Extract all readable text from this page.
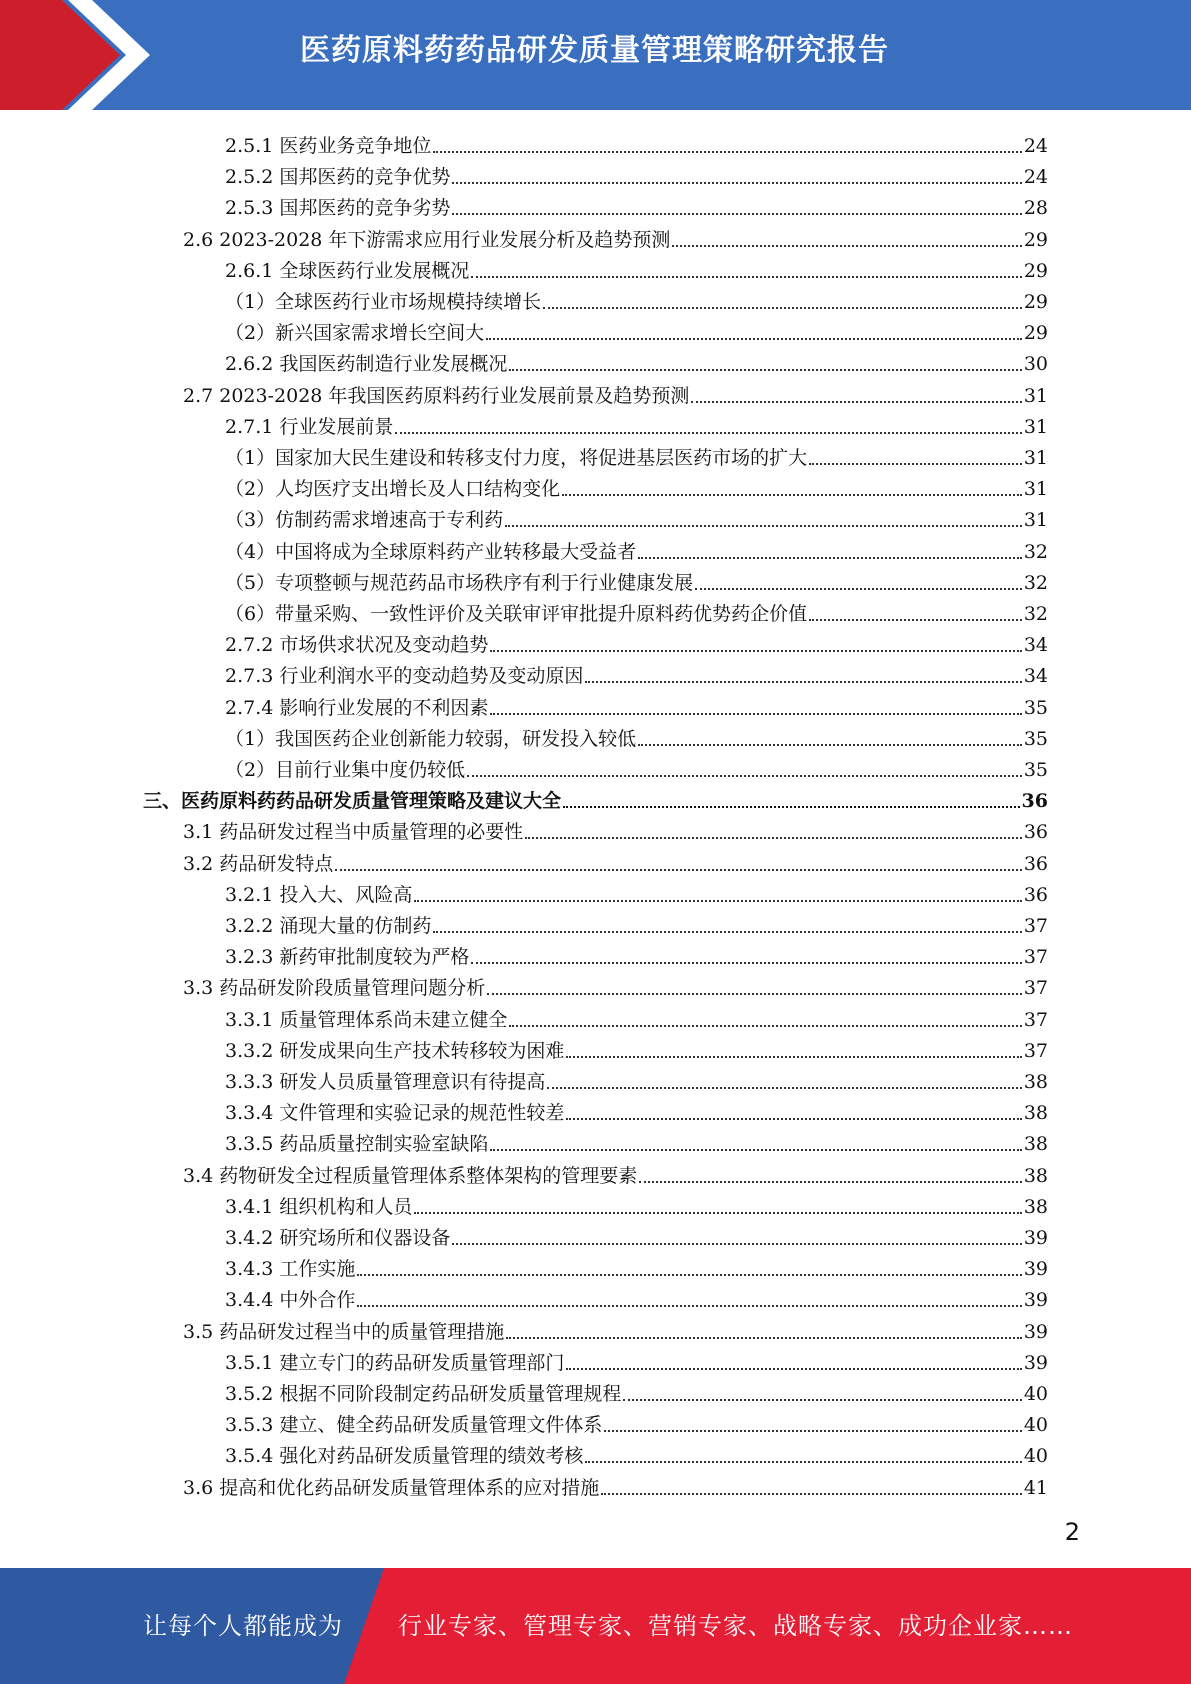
医药原料药药品研发质量管理策略研究报告
2.5.1 医药业务竞争地位	24
2.5.2 国邦医药的竞争优势	24
2.5.3 国邦医药的竞争劣势	28
2.6 2023-2028 年下游需求应用行业发展分析及趋势预测	29
2.6.1 全球医药行业发展概况	29
（1）全球医药行业市场规模持续增长	29
（2）新兴国家需求增长空间大	29
2.6.2 我国医药制造行业发展概况	30
2.7 2023-2028 年我国医药原料药行业发展前景及趋势预测	31
2.7.1 行业发展前景	31
（1）国家加大民生建设和转移支付力度，将促进基层医药市场的扩大	31
（2）人均医疗支出增长及人口结构变化	31
（3）仿制药需求增速高于专利药	31
（4）中国将成为全球原料药产业转移最大受益者	32
（5）专项整顿与规范药品市场秩序有利于行业健康发展	32
（6）带量采购、一致性评价及关联审评审批提升原料药优势药企价值	32
2.7.2 市场供求状况及变动趋势	34
2.7.3 行业利润水平的变动趋势及变动原因	34
2.7.4 影响行业发展的不利因素	35
（1）我国医药企业创新能力较弱，研发投入较低	35
（2）目前行业集中度仍较低	35
三、医药原料药药品研发质量管理策略及建议大全	36
3.1 药品研发过程当中质量管理的必要性	36
3.2 药品研发特点	36
3.2.1 投入大、风险高	36
3.2.2 涌现大量的仿制药	37
3.2.3 新药审批制度较为严格	37
3.3 药品研发阶段质量管理问题分析	37
3.3.1 质量管理体系尚未建立健全	37
3.3.2 研发成果向生产技术转移较为困难	37
3.3.3 研发人员质量管理意识有待提高	38
3.3.4 文件管理和实验记录的规范性较差	38
3.3.5 药品质量控制实验室缺陷	38
3.4 药物研发全过程质量管理体系整体架构的管理要素	38
3.4.1 组织机构和人员	38
3.4.2 研究场所和仪器设备	39
3.4.3 工作实施	39
3.4.4 中外合作	39
3.5 药品研发过程当中的质量管理措施	39
3.5.1 建立专门的药品研发质量管理部门	39
3.5.2 根据不同阶段制定药品研发质量管理规程	40
3.5.3 建立、健全药品研发质量管理文件体系	40
3.5.4 强化对药品研发质量管理的绩效考核	40
3.6 提高和优化药品研发质量管理体系的应对措施	41
2
让每个人都能成为 行业专家、管理专家、营销专家、战略专家、成功企业家……
